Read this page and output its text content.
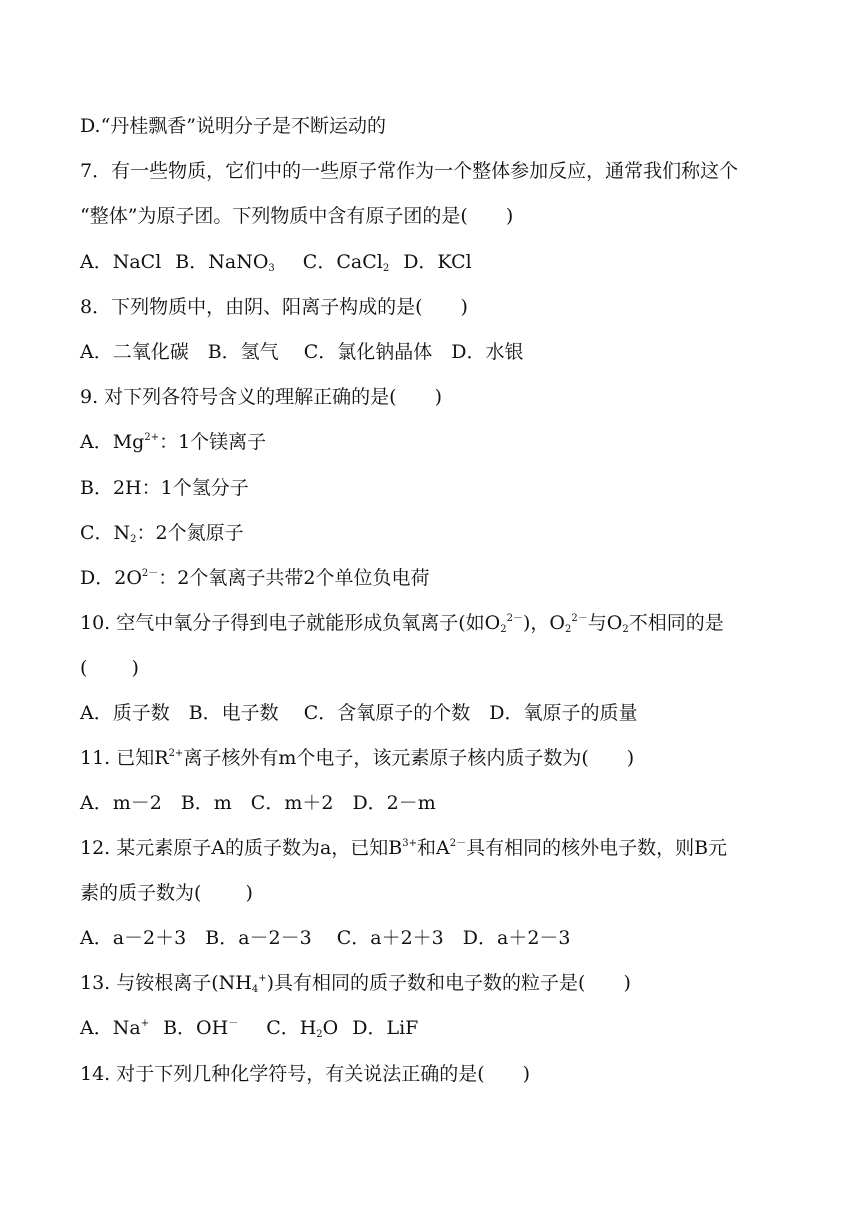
D.“丹桂飘香”说明分子是不断运动的
7．有一些物质，它们中的一些原子常作为一个整体参加反应，通常我们称这个
“整体”为原子团。下列物质中含有原子团的是(　　)
A．NaCl B．NaNO$_3$ C．CaCl$_2$ D．KCl
8．下列物质中，由阴、阳离子构成的是(　　)
A．二氧化碳　B．氢气　 C．氯化钠晶体　D．水银
9. 对下列各符号含义的理解正确的是(　　)
A．$Mg^{2+}$：1个镁离子
B．2H：1个氢分子
C．$N_2$：2个氮原子
D．$2O^{2-}$：2个氧离子共带2个单位负电荷
10. 空气中氧分子得到电子就能形成负氧离子(如$O_2^{2-}$)，$O_2^{2-}$与$O_2$不相同的是
(　　 )
A．质子数　B．电子数　 C．含氧原子的个数　D．氧原子的质量
11. 已知$R^{2+}$离子核外有m个电子，该元素原子核内质子数为(　　)
A．m－2　B．m　C．m＋2　D．2－m
12. 某元素原子A的质子数为a，已知$B^{3+}$和$A^{2-}$具有相同的核外电子数，则B元
素的质子数为(　　 )
A．a－2＋3　B．a－2－3　 C．a＋2＋3　D．a＋2－3
13. 与铵根离子$(NH_4^+)$具有相同的质子数和电子数的粒子是(　　)
A．Na+ B．OH－ C．$H_2O$ D．LiF
14. 对于下列几种化学符号，有关说法正确的是(　　)
